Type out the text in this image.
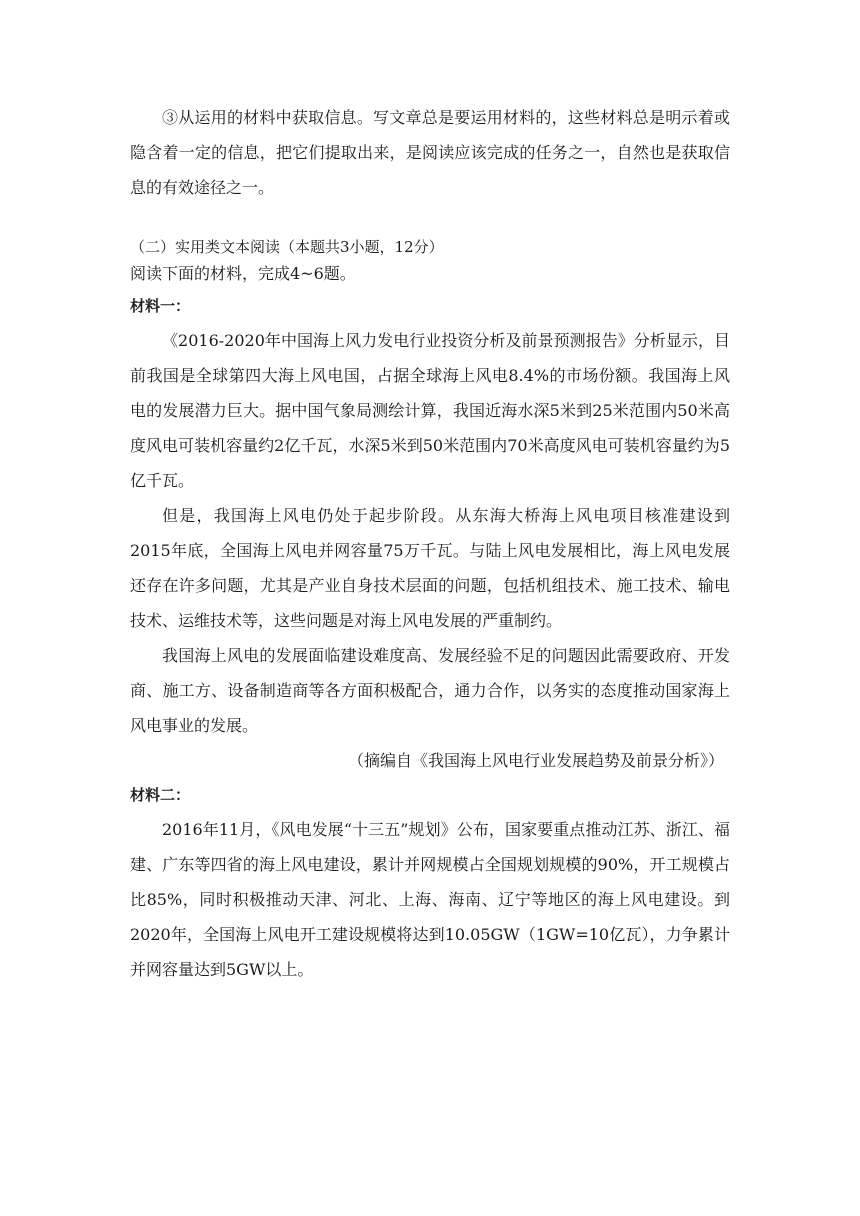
③从运用的材料中获取信息。写文章总是要运用材料的，这些材料总是明示着或隐含着一定的信息，把它们提取出来，是阅读应该完成的任务之一，自然也是获取信息的有效途径之一。

（二）实用类文本阅读（本题共3小题，12分）

阅读下面的材料，完成4~6题。

材料一：

《2016-2020年中国海上风力发电行业投资分析及前景预测报告》分析显示，目前我国是全球第四大海上风电国，占据全球海上风电8.4%的市场份额。我国海上风电的发展潜力巨大。据中国气象局测绘计算，我国近海水深5米到25米范围内50米高度风电可装机容量约2亿千瓦，水深5米到50米范围内70米高度风电可装机容量约为5亿千瓦。

但是，我国海上风电仍处于起步阶段。从东海大桥海上风电项目核准建设到2015年底，全国海上风电并网容量75万千瓦。与陆上风电发展相比，海上风电发展还存在许多问题，尤其是产业自身技术层面的问题，包括机组技术、施工技术、输电技术、运维技术等，这些问题是对海上风电发展的严重制约。

我国海上风电的发展面临建设难度高、发展经验不足的问题因此需要政府、开发商、施工方、设备制造商等各方面积极配合，通力合作，以务实的态度推动国家海上风电事业的发展。

（摘编自《我国海上风电行业发展趋势及前景分析》）

材料二：

2016年11月，《风电发展“十三五”规划》公布，国家要重点推动江苏、浙江、福建、广东等四省的海上风电建设，累计并网规模占全国规划规模的90%，开工规模占比85%，同时积极推动天津、河北、上海、海南、辽宁等地区的海上风电建设。到2020年，全国海上风电开工建设规模将达到10.05GW（1GW=10亿瓦），力争累计并网容量达到5GW以上。
